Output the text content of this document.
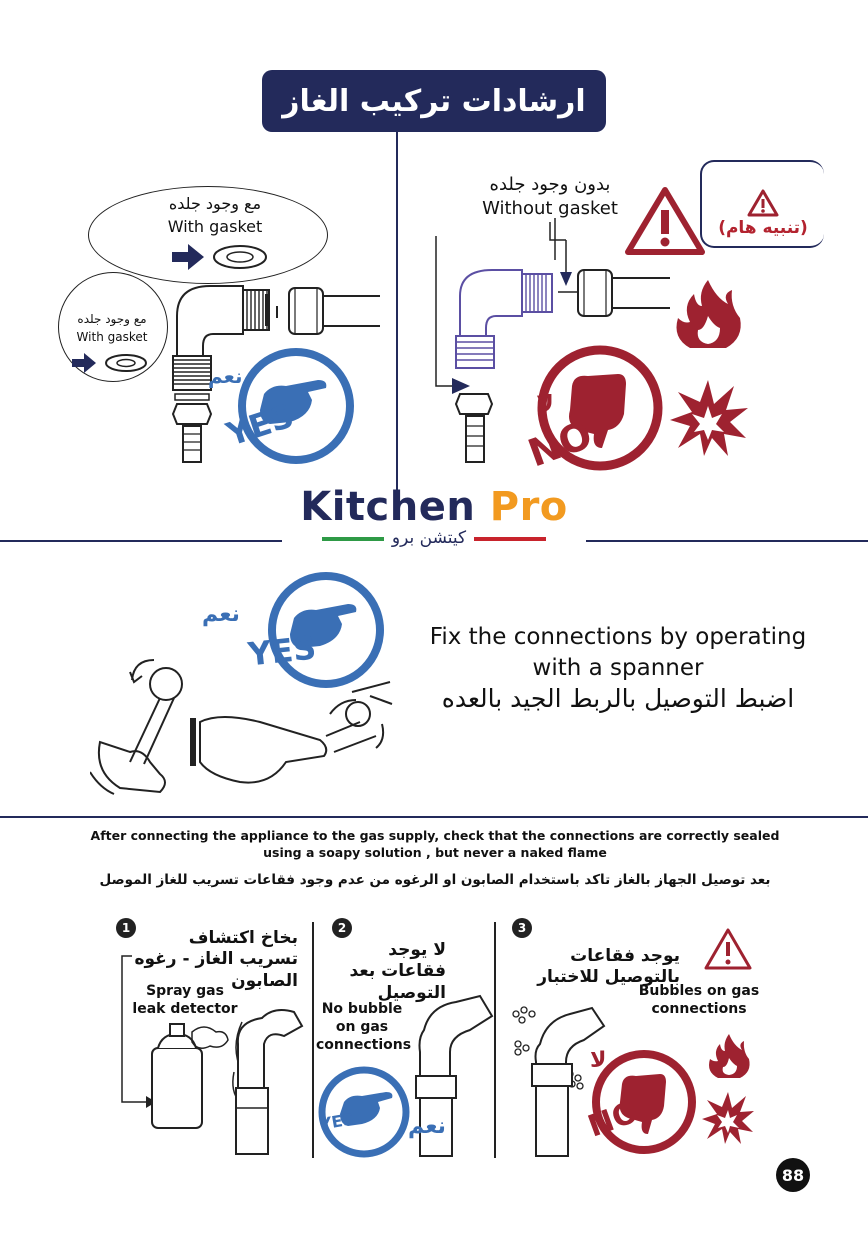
ارشادات تركيب الغاز
مع وجود جلده
With gasket
مع وجود جلده
With gasket
نعم
YES
بدون وجود جلده
Without gasket
(تنبيه هام)
لا
NO
Kitchen Pro
كيتشن برو
نعم
YES	Fix the connections by operating with a spanner
اضبط التوصيل بالربط الجيد بالعده
After connecting the appliance to the gas supply, check that the connections are correctly sealed using a soapy solution , but never a naked flame
بعد توصيل الجهاز بالغاز تاكد باستخدام الصابون او الرغوه من عدم وجود فقاعات تسريب للغاز الموصل
1	بخاخ اكتشاف تسريب الغاز - رغوه الصابون
Spray gas leak detector
2
لا يوجد فقاعات بعد التوصيل
No bubble on gas connections
YES نعم
3
يوجد فقاعات بالتوصيل للاختبار
Bubbles on gas connections
لا
NO
88
